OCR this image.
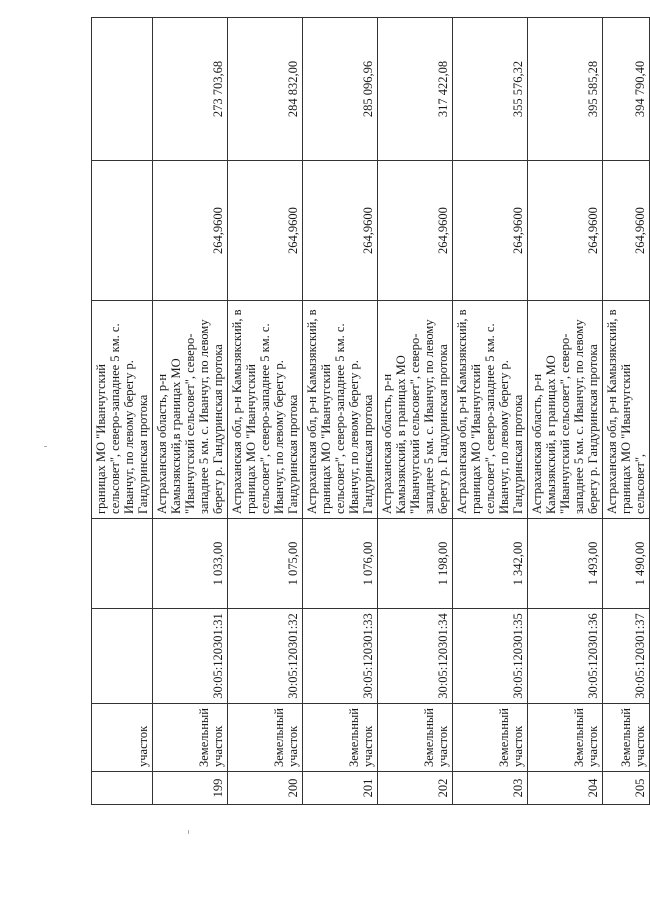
	участок			границах МО "Иванчугский сельсовет", северо-западнее 5 км. с. Иванчуг, по левому берегу р. Гандуринская протока		
199	Земельный участок	30:05:120301:31	1 033,00	Астраханская область, р-н Камызякский,в границах МО "Иванчугский сельсовет", северо-западнее 5 км. с. Иванчуг, по левому берегу р. Гандуринская протока	264,9600	273 703,68
200	Земельный участок	30:05:120301:32	1 075,00	Астраханская обл, р-н Камызякский, в границах МО "Иванчугский сельсовет", северо-западнее 5 км. с. Иванчуг, по левому берегу р. Гандуринская протока	264,9600	284 832,00
201	Земельный участок	30:05:120301:33	1 076,00	Астраханская обл, р-н Камызякский, в границах МО "Иванчугский сельсовет", северо-западнее 5 км. с. Иванчуг, по левому берегу р. Гандуринская протока	264,9600	285 096,96
202	Земельный участок	30:05:120301:34	1 198,00	Астраханская область, р-н Камызякский, в границах МО "Иванчугский сельсовет", северо-западнее 5 км. с. Иванчуг, по левому берегу р. Гандуринская протока	264,9600	317 422,08
203	Земельный участок	30:05:120301:35	1 342,00	Астраханская обл, р-н Камызякский, в границах МО "Иванчугский сельсовет", северо-западнее 5 км. с. Иванчуг, по левому берегу р. Гандуринская протока	264,9600	355 576,32
204	Земельный участок	30:05:120301:36	1 493,00	Астраханская область, р-н Камызякский, в границах МО "Иванчугский сельсовет", северо-западнее 5 км. с. Иванчуг, по левому берегу р. Гандуринская протока	264,9600	395 585,28
205	Земельный участок	30:05:120301:37	1 490,00	Астраханская обл, р-н Камызякский, в границах МО "Иванчугский сельсовет",	264,9600	394 790,40
